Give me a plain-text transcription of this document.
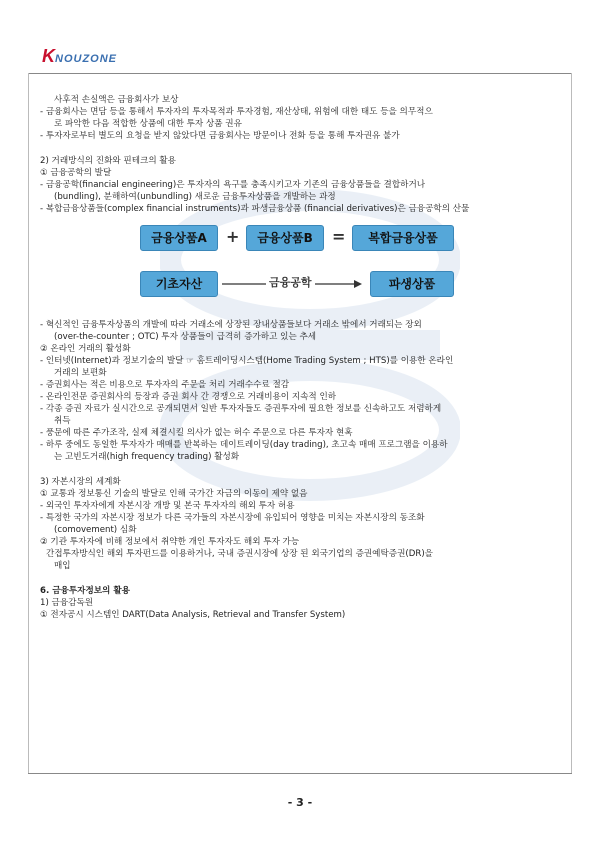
KNOUZONE
사후적 손실액은 금융회사가 보상
- 금융회사는 면담 등을 통해서 투자자의 투자목적과 투자경험, 재산상태, 위험에 대한 태도 등을 의무적으
로 파악한 다음 적합한 상품에 대한 투자 상품 권유
- 투자자로부터 별도의 요청을 받지 않았다면 금융회사는 방문이나 전화 등을 통해 투자권유 불가
2) 거래방식의 진화와 핀테크의 활용
① 금융공학의 발달
- 금융공학(financial engineering)은 투자자의 욕구를 충족시키고자 기존의 금융상품들을 결합하거나
(bundling), 분해하여(unbundling) 새로운 금융투자상품을 개발하는 과정
- 복합금융상품들(complex financial instruments)과 파생금융상품 (financial derivatives)은 금융공학의 산물
금융상품A	+	금융상품B	=	복합금융상품
기초자산	금융공학	파생상품
- 혁신적인 금융투자상품의 개발에 따라 거래소에 상장된 장내상품들보다 거래소 밖에서 거래되는 장외
(over-the-counter ; OTC) 투자 상품들이 급격히 증가하고 있는 추세
② 온라인 거래의 활성화
- 인터넷(Internet)과 정보기술의 발달 ☞ 홈트레이딩시스템(Home Trading System ; HTS)를 이용한 온라인
거래의 보편화
- 증권회사는 적은 비용으로 투자자의 주문을 처리 거래수수료 절감
- 온라인전문 증권회사의 등장과 증권 회사 간 경쟁으로 거래비용이 지속적 인하
- 각종 증권 자료가 실시간으로 공개되면서 일반 투자자들도 증권투자에 필요한 정보를 신속하고도 저렴하게
취득
- 풍문에 따른 주가조작, 실제 체결시킬 의사가 없는 허수 주문으로 다른 투자자 현혹
- 하루 중에도 동일한 투자자가 매매를 반복하는 데이트레이딩(day trading), 초고속 매매 프로그램을 이용하
는 고빈도거래(high frequency trading) 활성화
3) 자본시장의 세계화
① 교통과 정보통신 기술의 발달로 인해 국가간 자금의 이동이 제약 없음
- 외국인 투자자에게 자본시장 개방 및 본국 투자자의 해외 투자 허용
- 특정한 국가의 자본시장 정보가 다른 국가들의 자본시장에 유입되어 영향을 미치는 자본시장의 동조화
(comovement) 심화
② 기관 투자자에 비해 정보에서 취약한 개인 투자자도 해외 투자 가능
간접투자방식인 해외 투자펀드를 이용하거나, 국내 증권시장에 상장 된 외국기업의 증권예탁증권(DR)을
매입
6. 금융투자정보의 활용
1) 금융감독원
① 전자공시 시스템인 DART(Data Analysis, Retrieval and Transfer System)
- 3 -
